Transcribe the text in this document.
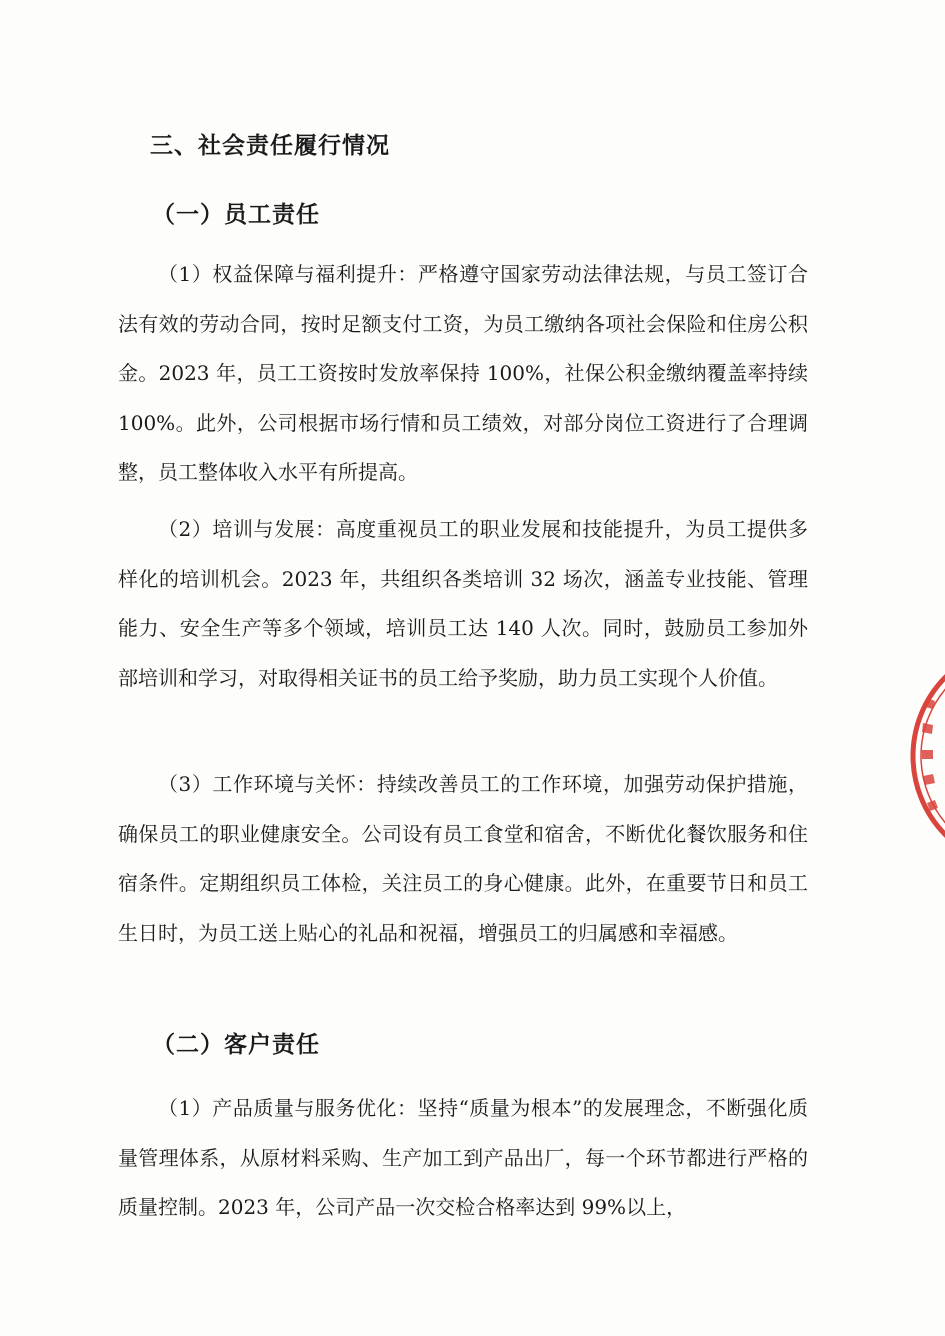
三、社会责任履行情况
（一）员工责任

（1）权益保障与福利提升：严格遵守国家劳动法律法规，与员工签订合法有效的劳动合同，按时足额支付工资，为员工缴纳各项社会保险和住房公积金。2023 年，员工工资按时发放率保持 100%，社保公积金缴纳覆盖率持续 100%。此外，公司根据市场行情和员工绩效，对部分岗位工资进行了合理调整，员工整体收入水平有所提高。

（2）培训与发展：高度重视员工的职业发展和技能提升，为员工提供多样化的培训机会。2023 年，共组织各类培训 32 场次，涵盖专业技能、管理能力、安全生产等多个领域，培训员工达 140 人次。同时，鼓励员工参加外部培训和学习，对取得相关证书的员工给予奖励，助力员工实现个人价值。

（3）工作环境与关怀：持续改善员工的工作环境，加强劳动保护措施，确保员工的职业健康安全。公司设有员工食堂和宿舍，不断优化餐饮服务和住宿条件。定期组织员工体检，关注员工的身心健康。此外，在重要节日和员工生日时，为员工送上贴心的礼品和祝福，增强员工的归属感和幸福感。

（二）客户责任

（1）产品质量与服务优化：坚持“质量为根本”的发展理念，不断强化质量管理体系，从原材料采购、生产加工到产品出厂，每一个环节都进行严格的质量控制。2023 年，公司产品一次交检合格率达到 99%以上，
